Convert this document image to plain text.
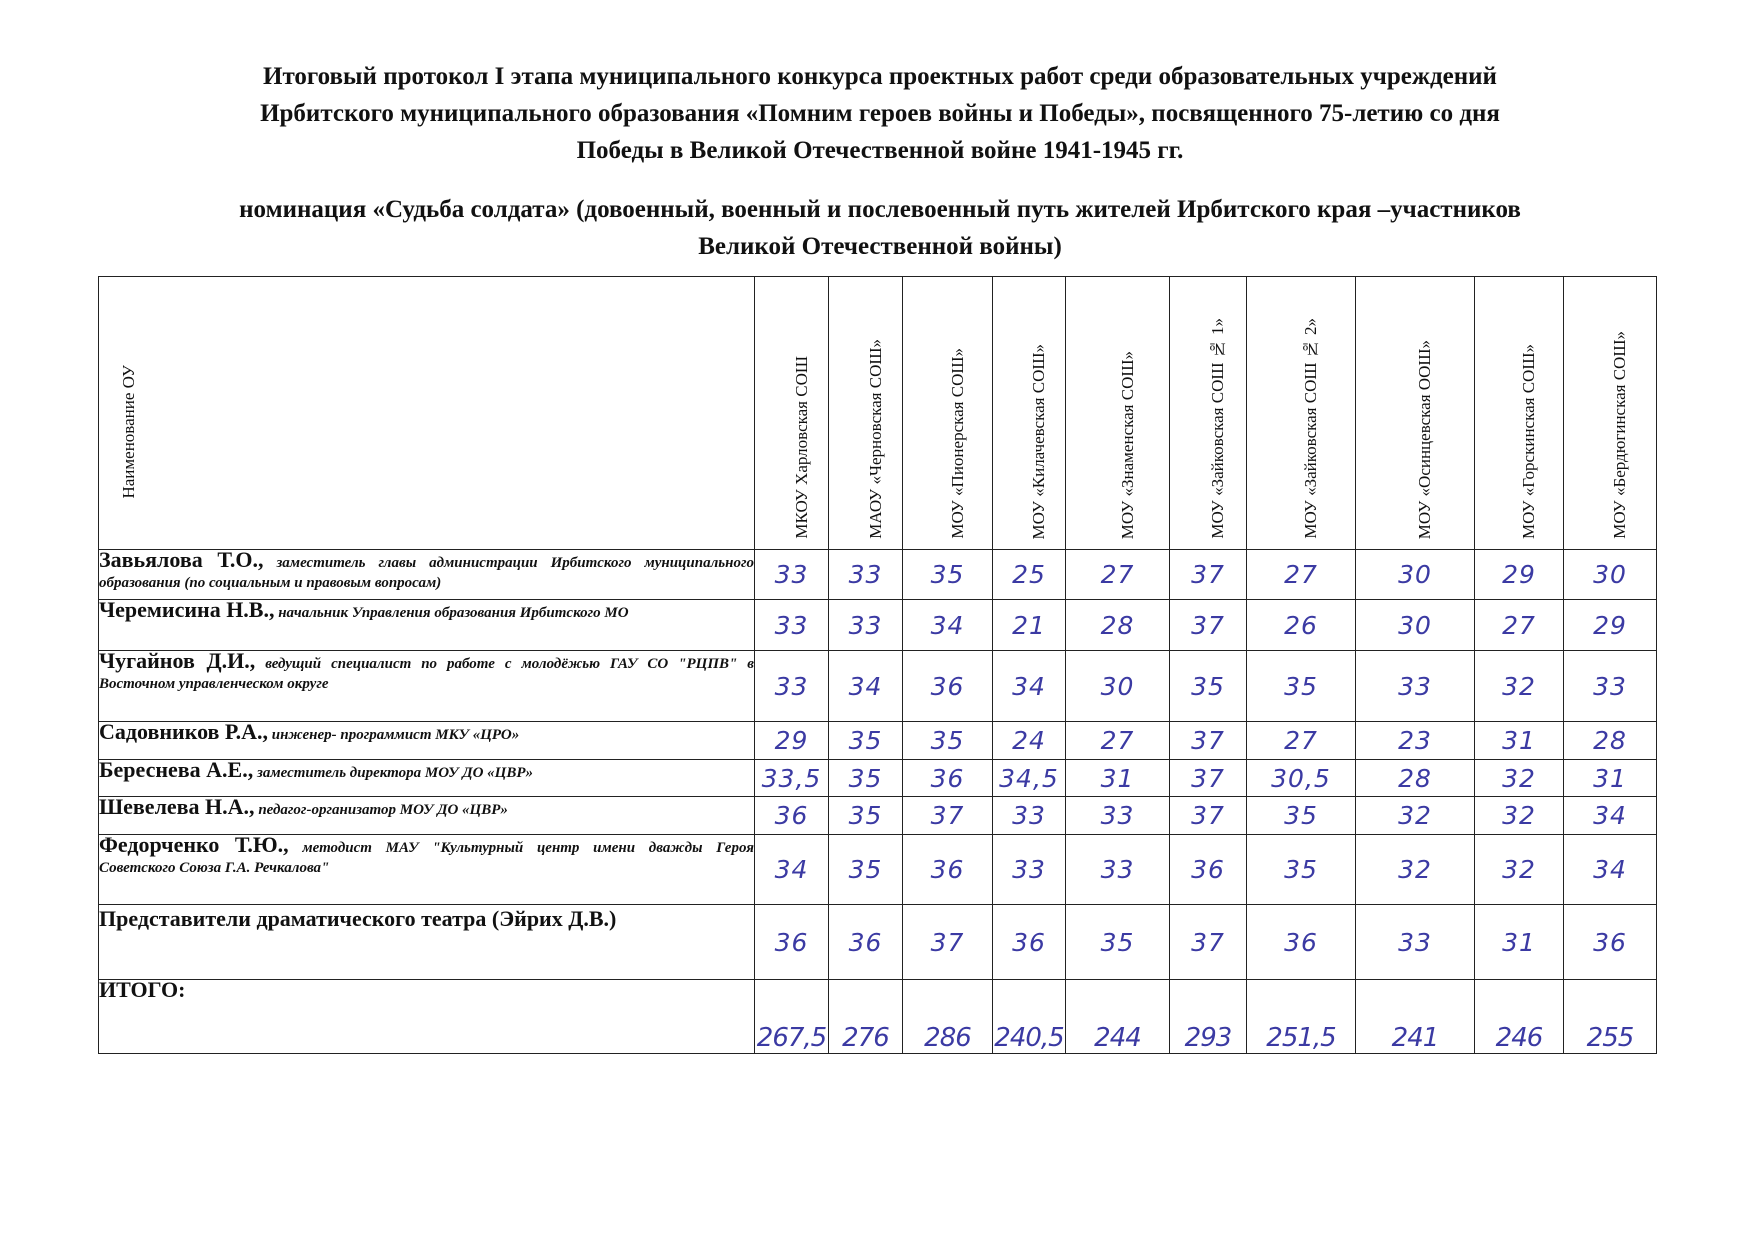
Итоговый протокол I этапа муниципального конкурса проектных работ среди образовательных учреждений
Ирбитского муниципального образования «Помним героев войны и Победы», посвященного 75-летию со дня
Победы в Великой Отечественной войне 1941-1945 гг.
номинация «Судьба солдата» (довоенный, военный и послевоенный путь жителей Ирбитского края –участников
Великой Отечественной войны)
Наименование ОУ	МКОУ Харловская СОШ	МАОУ «Черновская СОШ»	МОУ «Пионерская СОШ»	МОУ «Килачевская СОШ»	МОУ «Знаменская СОШ»	МОУ «Зайковская СОШ № 1»	МОУ «Зайковская СОШ № 2»	МОУ «Осинцевская ООШ»	МОУ «Горскинская СОШ»	МОУ «Бердюгинская СОШ»

Завьялова Т.О., заместитель главы администрации Ирбитского муниципального образования (по социальным и правовым вопросам)	33	33	35	25	27	37	27	30	29	30
Черемисина Н.В., начальник Управления образования Ирбитского МО	33	33	34	21	28	37	26	30	27	29
Чугайнов Д.И., ведущий специалист по работе с молодёжью ГАУ СО "РЦПВ" в Восточном управленческом округе	33	34	36	34	30	35	35	33	32	33
Садовников Р.А., инженер- программист МКУ «ЦРО»	29	35	35	24	27	37	27	23	31	28
Береснева А.Е., заместитель директора МОУ ДО «ЦВР»	33,5	35	36	34,5	31	37	30,5	28	32	31
Шевелева Н.А., педагог-организатор МОУ ДО «ЦВР»	36	35	37	33	33	37	35	32	32	34
Федорченко Т.Ю., методист МАУ "Культурный центр имени дважды Героя Советского Союза Г.А. Речкалова"	34	35	36	33	33	36	35	32	32	34
Представители драматического театра (Эйрих Д.В.)	36	36	37	36	35	37	36	33	31	36
ИТОГО:	267,5	276	286	240,5	244	293	251,5	241	246	255
